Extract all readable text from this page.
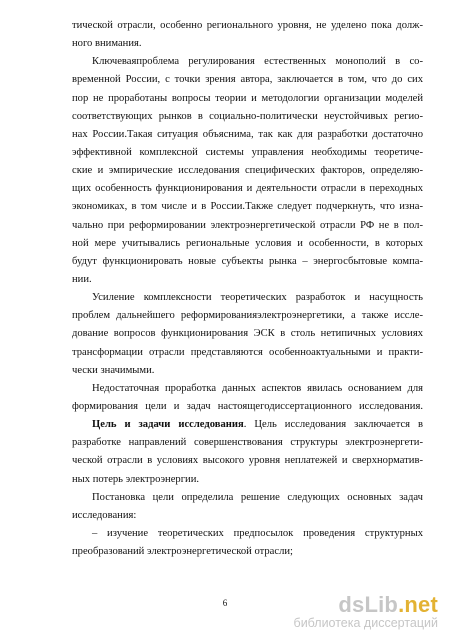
тической отрасли, особенно регионального уровня, не уделено пока долж-
ного внимания.
Ключеваяпроблема регулирования естественных монополий в со-
временной России, с точки зрения автора, заключается в том, что до сих
пор не проработаны вопросы теории и методологии организации моделей
соответствующих рынков в социально-политически неустойчивых регио-
нах России.Такая ситуация объяснима, так как для разработки достаточно
эффективной комплексной системы управления необходимы теоретиче-
ские и эмпирические исследования специфических факторов, определяю-
щих особенность функционирования и деятельности отрасли в переходных
экономиках, в том числе и в России.Также следует подчеркнуть, что изна-
чально при реформировании электроэнергетической отрасли РФ не в пол-
ной мере учитывались региональные условия и особенности, в которых
будут функционировать новые субъекты рынка – энергосбытовые компа-
нии.
Усиление комплексности теоретических разработок и насущность
проблем дальнейшего реформированияэлектроэнергетики, а также иссле-
дование вопросов функционирования ЭСК в столь нетипичных условиях
трансформации отрасли представляются особенноактуальными и практи-
чески значимыми.
Недостаточная проработка данных аспектов явилась основанием для
формирования цели и задач настоящегодиссертационного исследования.
Цель и задачи исследования. Цель исследования заключается в
разработке направлений совершенствования структуры электроэнергети-
ческой отрасли в условиях высокого уровня неплатежей и сверхнорматив-
ных потерь электроэнергии.
Постановка цели определила решение следующих основных задач
исследования:
– изучение теоретических предпосылок проведения структурных
преобразований электроэнергетической отрасли;
6	dsLib.net
библиотека диссертаций
